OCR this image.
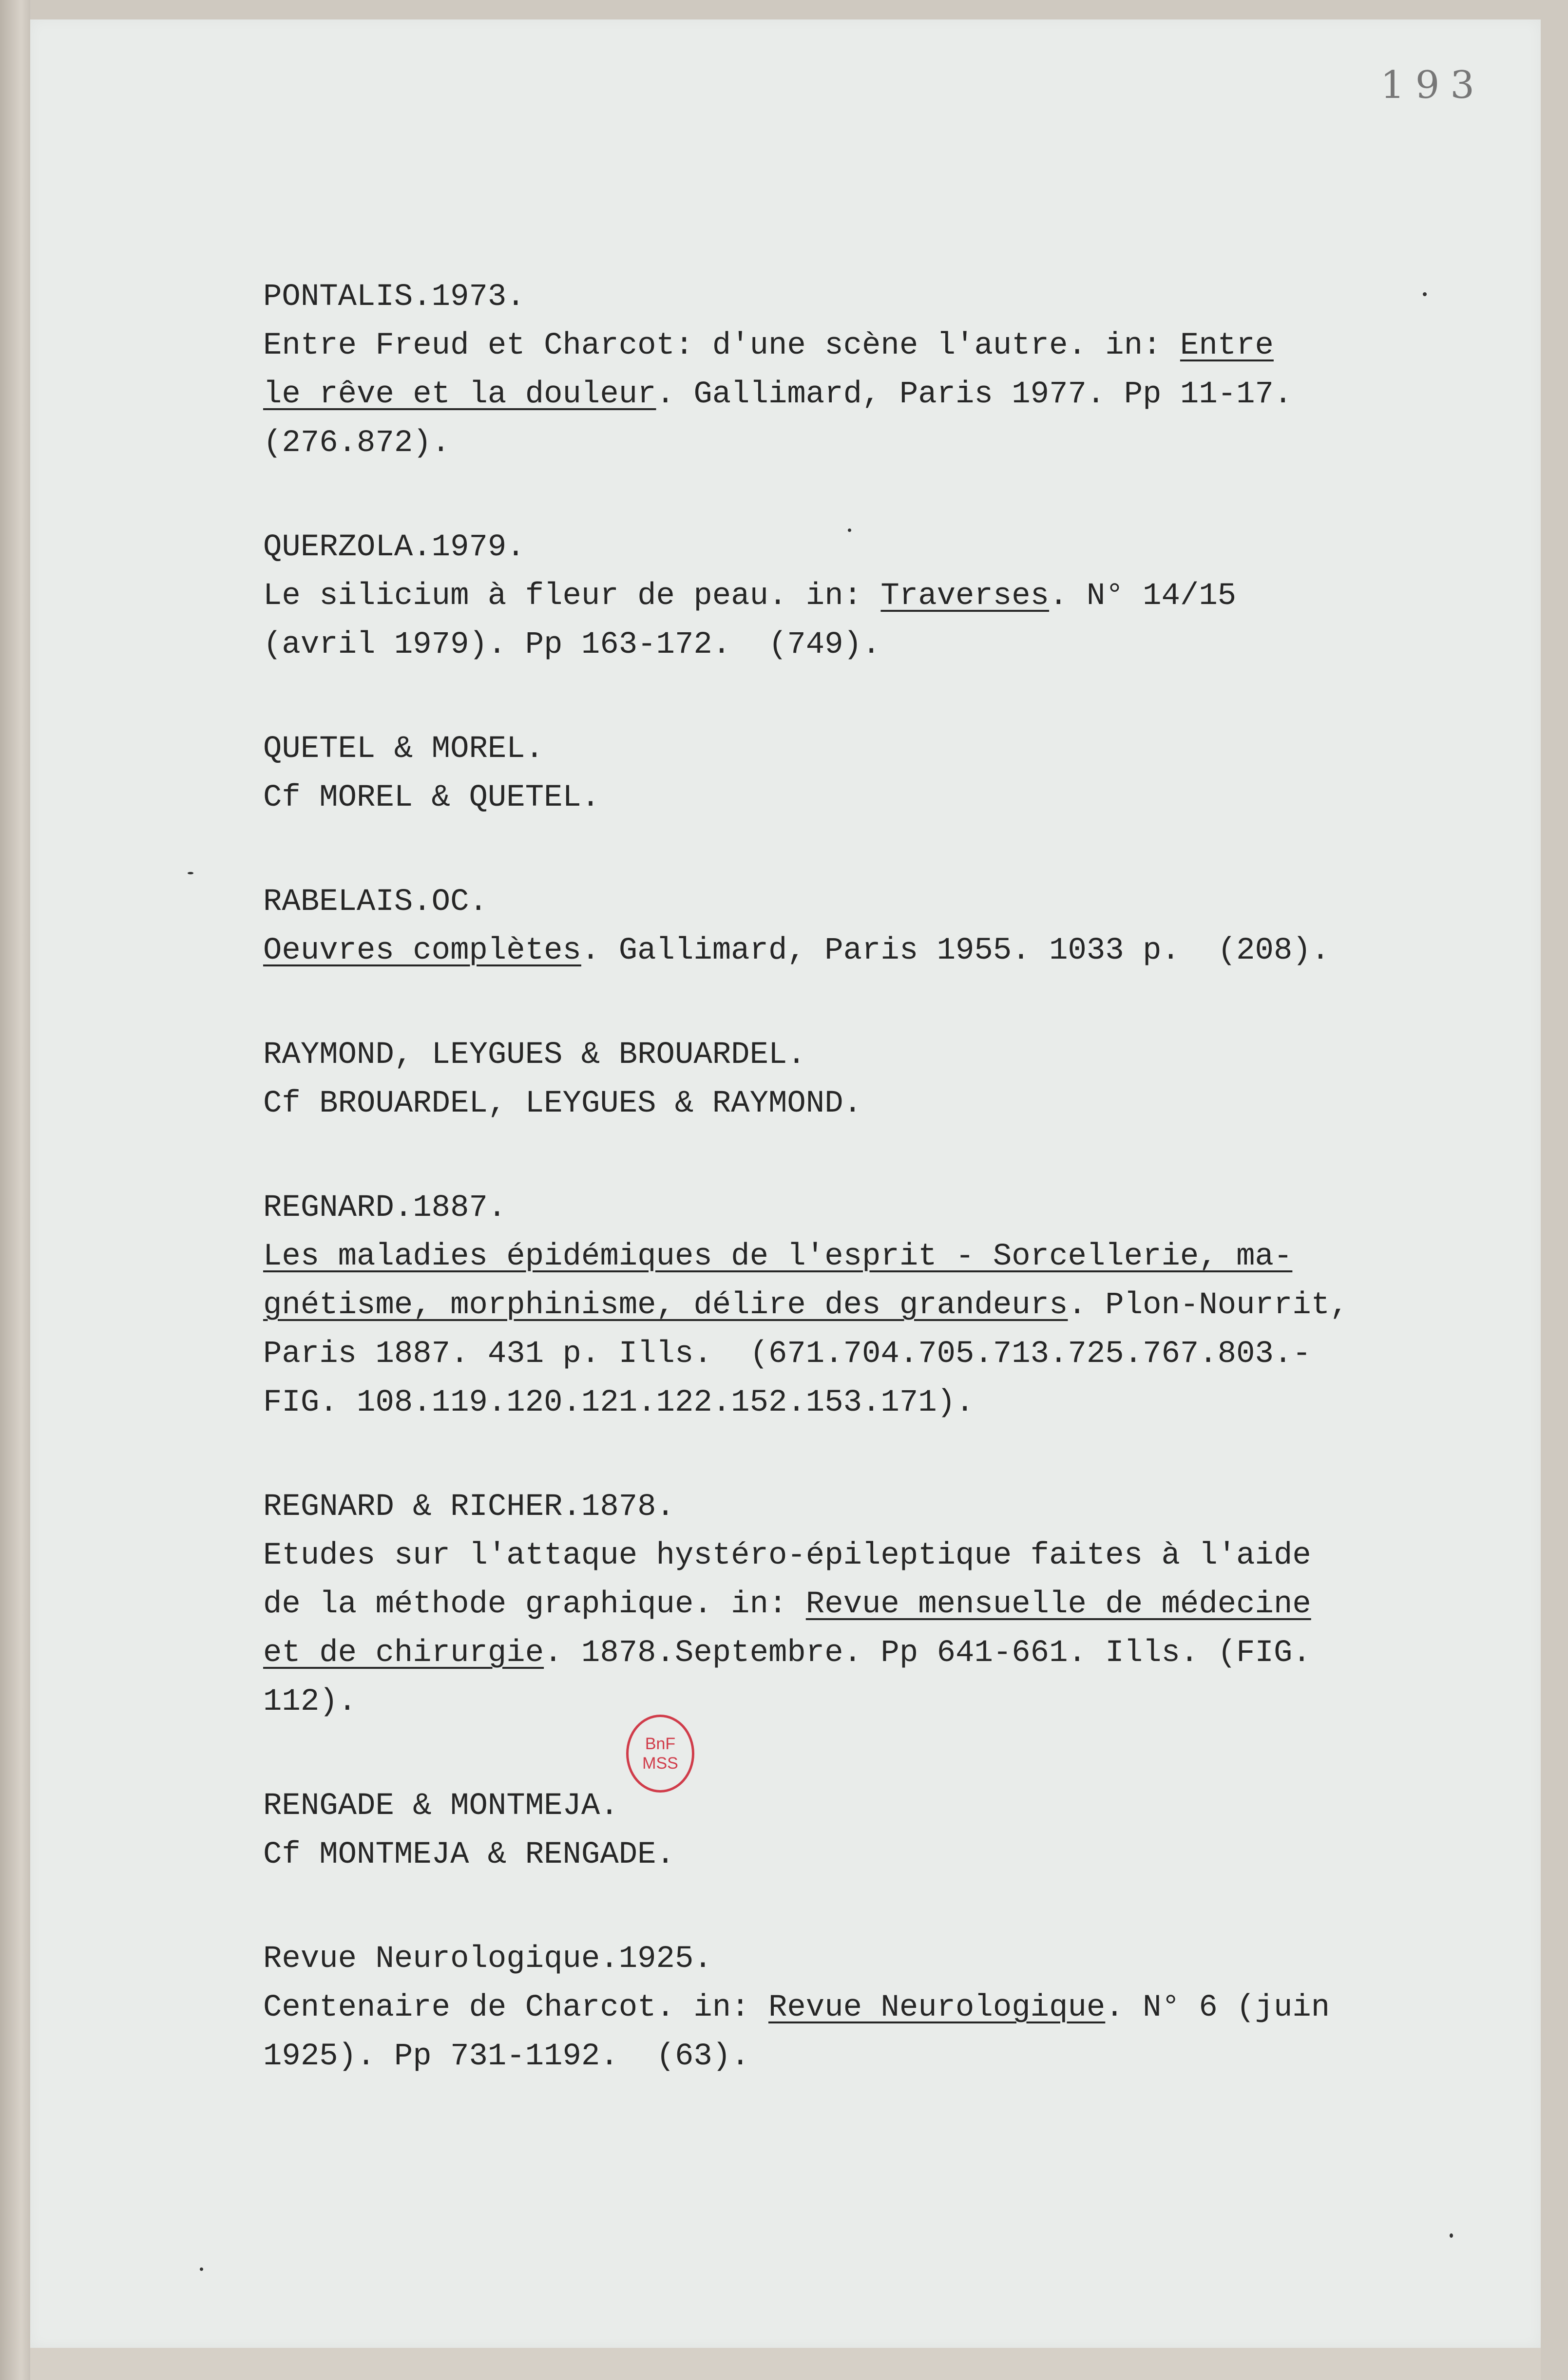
193

PONTALIS.1973.

Entre Freud et Charcot: d'une scène l'autre. in: Entre

le rêve et la douleur. Gallimard, Paris 1977. Pp 11-17.

(276.872).

QUERZOLA.1979.

Le silicium à fleur de peau. in: Traverses. N° 14/15

(avril 1979). Pp 163-172.  (749).

QUETEL & MOREL.

Cf MOREL & QUETEL.

RABELAIS.OC.

Oeuvres complètes. Gallimard, Paris 1955. 1033 p.  (208).

RAYMOND, LEYGUES & BROUARDEL.

Cf BROUARDEL, LEYGUES & RAYMOND.

REGNARD.1887.

Les maladies épidémiques de l'esprit - Sorcellerie, ma-

gnétisme, morphinisme, délire des grandeurs. Plon-Nourrit,

Paris 1887. 431 p. Ills.  (671.704.705.713.725.767.803.-

FIG. 108.119.120.121.122.152.153.171).

REGNARD & RICHER.1878.

Etudes sur l'attaque hystéro-épileptique faites à l'aide

de la méthode graphique. in: Revue mensuelle de médecine

et de chirurgie. 1878.Septembre. Pp 641-661. Ills. (FIG.

112).

RENGADE & MONTMEJA.

Cf MONTMEJA & RENGADE.

Revue Neurologique.1925.

Centenaire de Charcot. in: Revue Neurologique. N° 6 (juin

1925). Pp 731-1192.  (63).

BnF
MSS
